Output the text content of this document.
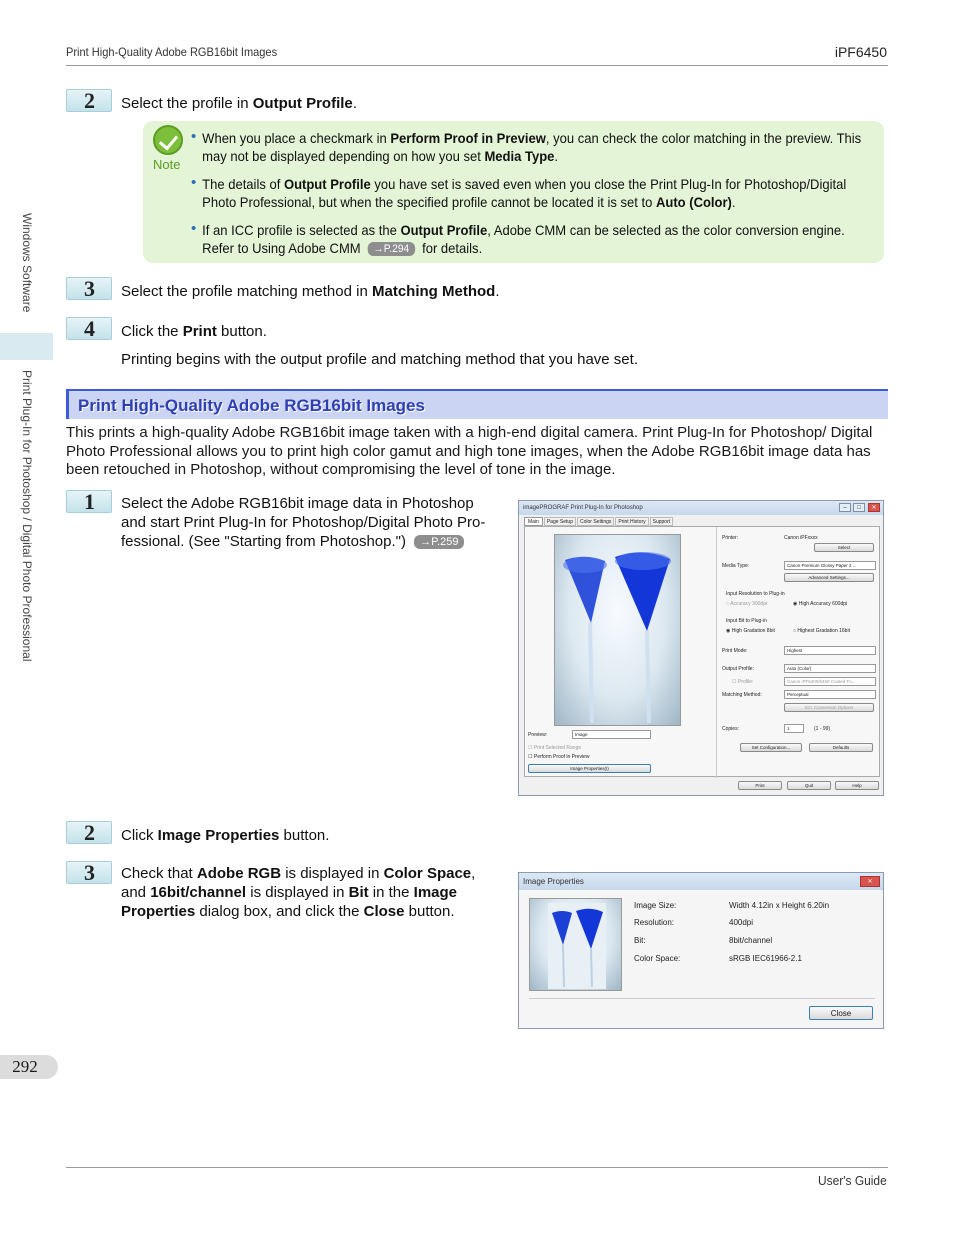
Print High-Quality Adobe RGB16bit Images	iPF6450
Windows Software
Print Plug-In for Photoshop / Digital Photo Professional
292
2	Select the profile in Output Profile.
Note
• When you place a checkmark in Perform Proof in Preview, you can check the color matching in the preview. This
may not be displayed depending on how you set Media Type.
• The details of Output Profile you have set is saved even when you close the Print Plug-In for Photoshop/Digital
Photo Professional, but when the specified profile cannot be located it is set to Auto (Color).
• If an ICC profile is selected as the Output Profile, Adobe CMM can be selected as the color conversion engine.
Refer to Using Adobe CMM →P.294 for details.
3	Select the profile matching method in Matching Method.
4	Click the Print button.
Printing begins with the output profile and matching method that you have set.
Print High-Quality Adobe RGB16bit Images
This prints a high-quality Adobe RGB16bit image taken with a high-end digital camera. Print Plug-In for Photoshop/ Digital Photo Professional allows you to print high color gamut and high tone images, when the Adobe RGB16bit image data has been retouched in Photoshop, without compromising the level of tone in the image.
1	Select the Adobe RGB16bit image data in Photoshop
and start Print Plug-In for Photoshop/Digital Photo Pro-
fessional. (See "Starting from Photoshop.") →P.259
imagePROGRAF Print Plug-In for Photoshop	–	□	✕
Main	Page Setup	Color Settings	Print History	Support
Printer:	Canon iPFxxxx
Select
Media Type:	Canon Premium Glossy Paper 2 ...
Advanced Settings...
Input Resolution to Plug-in
○ Accuracy 300dpi	◉ High Accuracy 600dpi
Input Bit to Plug-in
◉ High Gradation 8bit	○ Highest Gradation 16bit
Print Mode:	Highest
Output Profile:	Auto (Color)
☐ Profile:	Canon iPF6400/6450 Coated Fo...
Matching Method:	Perceptual
ICC Conversion Options
Copies:	1	(1 - 99)
Set Configuration...	Defaults
Preview:	Image
☐ Print Selected Range
☐ Perform Proof in Preview
Image Properties(I)
Print	Quit	Help
2	Click Image Properties button.
3	Check that Adobe RGB is displayed in Color Space,
and 16bit/channel is displayed in Bit in the Image
Properties dialog box, and click the Close button.
Image Properties	✕
Image Size:	Width 4.12in x Height 6.20in
Resolution:	400dpi
Bit:	8bit/channel
Color Space:	sRGB IEC61966-2.1
Close
User's Guide
